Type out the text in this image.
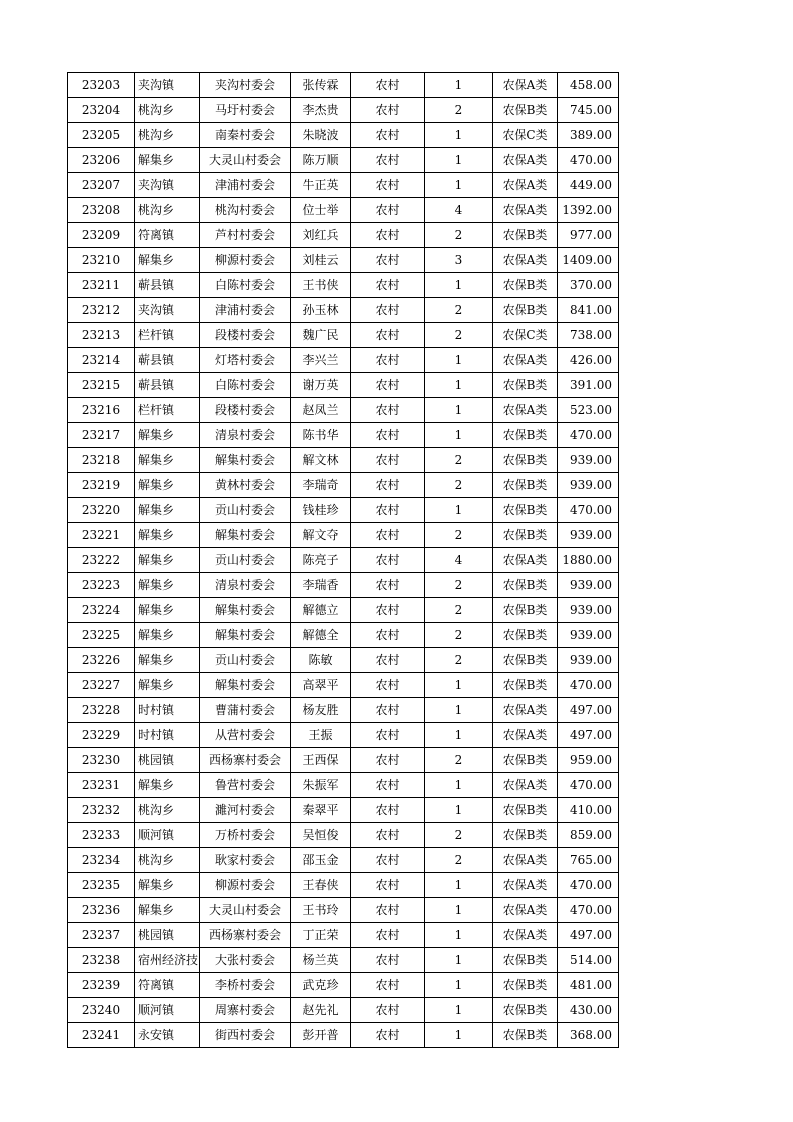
23203	夹沟镇	夹沟村委会	张传霖	农村	1	农保A类	458.00
23204	桃沟乡	马圩村委会	李杰贵	农村	2	农保B类	745.00
23205	桃沟乡	南秦村委会	朱晓波	农村	1	农保C类	389.00
23206	解集乡	大灵山村委会	陈万顺	农村	1	农保A类	470.00
23207	夹沟镇	津浦村委会	牛正英	农村	1	农保A类	449.00
23208	桃沟乡	桃沟村委会	位士举	农村	4	农保A类	1392.00
23209	符离镇	芦村村委会	刘红兵	农村	2	农保B类	977.00
23210	解集乡	柳源村委会	刘桂云	农村	3	农保A类	1409.00
23211	蕲县镇	白陈村委会	王书侠	农村	1	农保B类	370.00
23212	夹沟镇	津浦村委会	孙玉林	农村	2	农保B类	841.00
23213	栏杆镇	段楼村委会	魏广民	农村	2	农保C类	738.00
23214	蕲县镇	灯塔村委会	李兴兰	农村	1	农保A类	426.00
23215	蕲县镇	白陈村委会	谢万英	农村	1	农保B类	391.00
23216	栏杆镇	段楼村委会	赵凤兰	农村	1	农保A类	523.00
23217	解集乡	清泉村委会	陈书华	农村	1	农保B类	470.00
23218	解集乡	解集村委会	解文林	农村	2	农保B类	939.00
23219	解集乡	黄林村委会	李瑞奇	农村	2	农保B类	939.00
23220	解集乡	贡山村委会	钱桂珍	农村	1	农保B类	470.00
23221	解集乡	解集村委会	解文夺	农村	2	农保B类	939.00
23222	解集乡	贡山村委会	陈亮子	农村	4	农保A类	1880.00
23223	解集乡	清泉村委会	李瑞香	农村	2	农保B类	939.00
23224	解集乡	解集村委会	解德立	农村	2	农保B类	939.00
23225	解集乡	解集村委会	解德全	农村	2	农保B类	939.00
23226	解集乡	贡山村委会	陈敏	农村	2	农保B类	939.00
23227	解集乡	解集村委会	高翠平	农村	1	农保B类	470.00
23228	时村镇	曹蒲村委会	杨友胜	农村	1	农保A类	497.00
23229	时村镇	从营村委会	王振	农村	1	农保A类	497.00
23230	桃园镇	西杨寨村委会	王西保	农村	2	农保B类	959.00
23231	解集乡	鲁营村委会	朱振军	农村	1	农保A类	470.00
23232	桃沟乡	濉河村委会	秦翠平	农村	1	农保B类	410.00
23233	顺河镇	万桥村委会	吴恒俊	农村	2	农保B类	859.00
23234	桃沟乡	耿家村委会	邵玉金	农村	2	农保A类	765.00
23235	解集乡	柳源村委会	王春侠	农村	1	农保A类	470.00
23236	解集乡	大灵山村委会	王书玲	农村	1	农保A类	470.00
23237	桃园镇	西杨寨村委会	丁正荣	农村	1	农保A类	497.00
23238	宿州经济技	大张村委会	杨兰英	农村	1	农保B类	514.00
23239	符离镇	李桥村委会	武克珍	农村	1	农保B类	481.00
23240	顺河镇	周寨村委会	赵先礼	农村	1	农保B类	430.00
23241	永安镇	街西村委会	彭开普	农村	1	农保B类	368.00
